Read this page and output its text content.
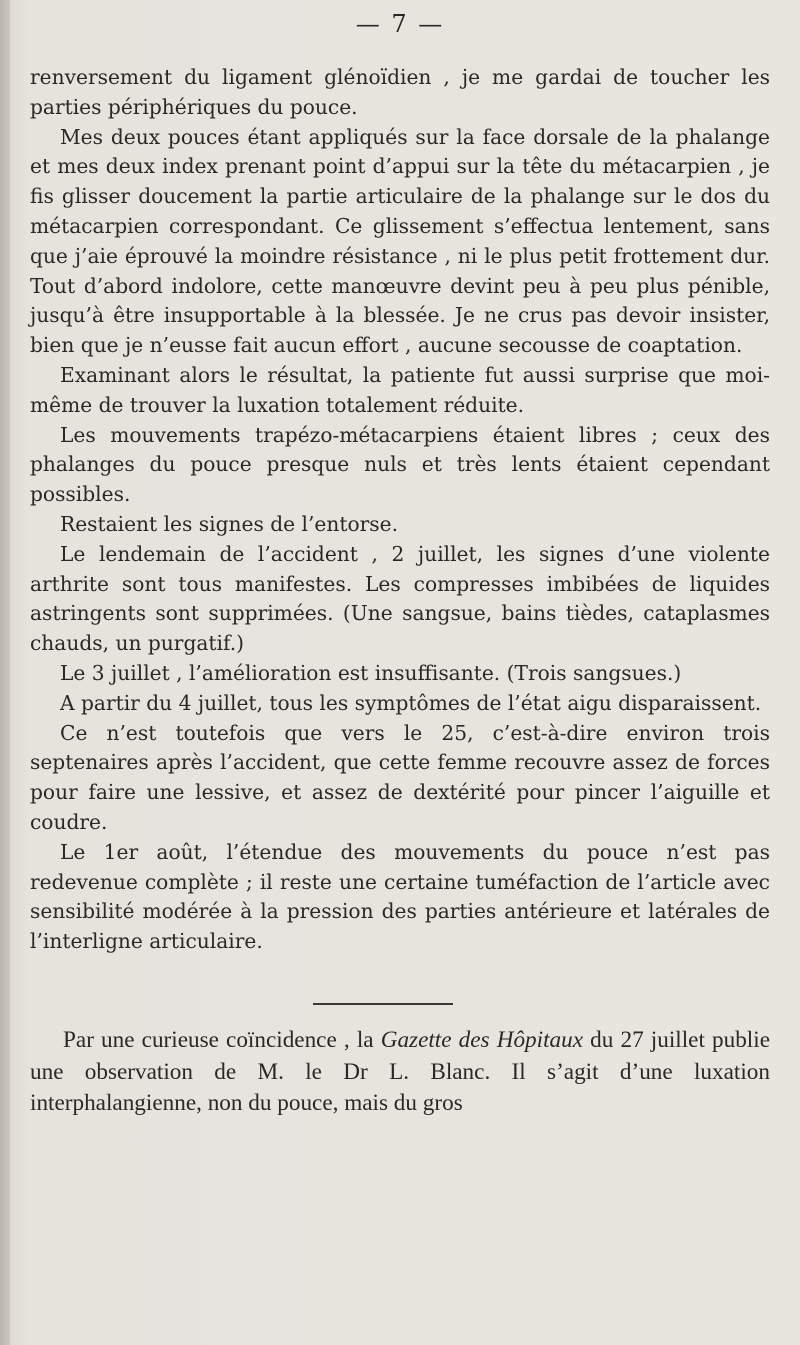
— 7 —

renversement du ligament glénoïdien , je me gardai de toucher les parties périphériques du pouce.

Mes deux pouces étant appliqués sur la face dorsale de la phalange et mes deux index prenant point d’appui sur la tête du métacarpien , je fis glisser doucement la partie articulaire de la phalange sur le dos du métacarpien correspondant. Ce glissement s’effectua lentement, sans que j’aie éprouvé la moindre résistance , ni le plus petit frottement dur. Tout d’abord indolore, cette manœuvre devint peu à peu plus pénible, jusqu’à être insupportable à la blessée. Je ne crus pas devoir insister, bien que je n’eusse fait aucun effort , aucune secousse de coaptation.

Examinant alors le résultat, la patiente fut aussi surprise que moi-même de trouver la luxation totalement réduite.

Les mouvements trapézo-métacarpiens étaient libres ; ceux des phalanges du pouce presque nuls et très lents étaient cependant possibles.

Restaient les signes de l’entorse.

Le lendemain de l’accident , 2 juillet, les signes d’une violente arthrite sont tous manifestes. Les compresses imbibées de liquides astringents sont supprimées. (Une sangsue, bains tièdes, cataplasmes chauds, un purgatif.)

Le 3 juillet , l’amélioration est insuffisante. (Trois sangsues.)

A partir du 4 juillet, tous les symptômes de l’état aigu disparaissent.

Ce n’est toutefois que vers le 25, c’est-à-dire environ trois septenaires après l’accident, que cette femme recouvre assez de forces pour faire une lessive, et assez de dextérité pour pincer l’aiguille et coudre.

Le 1er août, l’étendue des mouvements du pouce n’est pas redevenue complète ; il reste une certaine tuméfaction de l’article avec sensibilité modérée à la pression des parties antérieure et latérales de l’interligne articulaire.

Par une curieuse coïncidence , la Gazette des Hôpitaux du 27 juillet publie une observation de M. le Dr L. Blanc. Il s’agit d’une luxation interphalangienne, non du pouce, mais du gros
